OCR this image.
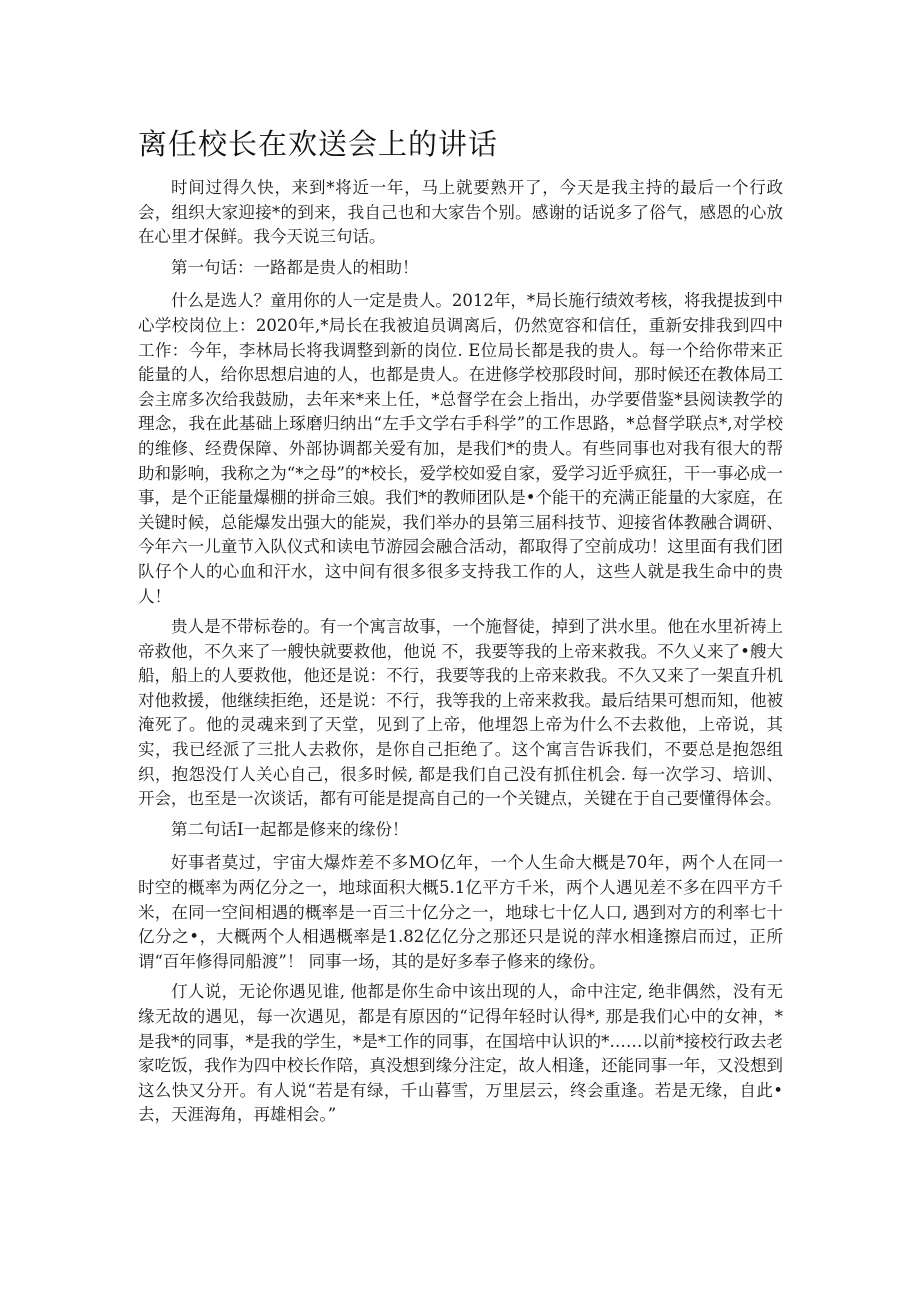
离任校长在欢送会上的讲话

时间过得久快，来到*将近一年，马上就要熟开了，今天是我主持的最后一个行政会，组织大家迎接*的到来，我自己也和大家告个别。感谢的话说多了俗气，感恩的心放在心里才保鲜。我今天说三句话。

第一句话：一路都是贵人的相助！

什么是选人？童用你的人一定是贵人。2012年，*局长施行绩效考核，将我提拔到中心学校岗位上：2020年,*局长在我被追员调离后，仍然宽容和信任，重新安排我到四中工作：今年，李林局长将我调整到新的岗位. E位局长都是我的贵人。每一个给你带来正能量的人，给你思想启迪的人，也都是贵人。在进修学校那段时间，那时候还在教体局工会主席多次给我鼓励，去年来*来上任，*总督学在会上指出，办学要借鉴*县阅读教学的理念，我在此基础上琢磨归纳出“左手文学右手科学”的工作思路，*总督学联点*,对学校的维修、经费保障、外部协调都关爱有加，是我们*的贵人。有些同事也对我有很大的帮助和影响，我称之为“*之母”的*校长，爱学校如爱自家，爱学习近乎疯狂，干一事必成一事，是个正能量爆棚的拼命三娘。我们*的教师团队是•个能干的充满正能量的大家庭，在关键时候，总能爆发出强大的能炭，我们举办的县第三届科技节、迎接省体教融合调研、今年六一儿童节入队仪式和读电节游园会融合活动，都取得了空前成功！这里面有我们团队仔个人的心血和汗水，这中间有很多很多支持我工作的人，这些人就是我生命中的贵人！

贵人是不带标卷的。有一个寓言故事，一个施督徒，掉到了洪水里。他在水里祈祷上帝救他，不久来了一艘快就要救他，他说 不，我要等我的上帝来救我。不久乂来了•艘大船，船上的人要救他，他还是说：不行，我要等我的上帝来救我。不久又来了一架直升机对他救援，他继续拒绝，还是说：不行，我等我的上帝来救我。最后结果可想而知，他被淹死了。他的灵魂来到了天堂，见到了上帝，他埋怨上帝为什么不去救他，上帝说，其实，我已经派了三批人去救你，是你自己拒绝了。这个寓言告诉我们，不要总是抱怨组织，抱怨没仃人关心自己，很多时候, 都是我们自己没有抓住机会. 每一次学习、培训、开会，也至是一次谈话，都有可能是提高自己的一个关键点，关键在于自己要懂得体会。

第二句话I一起都是修来的缘份！

好事者莫过，宇宙大爆炸差不多MO亿年，一个人生命大概是70年，两个人在同一时空的概率为两亿分之一，地球面积大概5.1亿平方千米，两个人遇见差不多在四平方千米，在同一空间相遇的概率是一百三十亿分之一，地球七十亿人口, 遇到对方的利率七十亿分之•，大概两个人相遇概率是1.82亿亿分之那还只是说的萍水相逢擦启而过，正所谓“百年修得同船渡”！ 同事一场，其的是好多奉子修来的缘份。

仃人说，无论你遇见谁, 他都是你生命中该出现的人，命中注定, 绝非偶然，没有无缘无故的遇见，每一次遇见，都是有原因的“记得年轻时认得*, 那是我们心中的女神，*是我*的同事，*是我的学生，*是*工作的同事，在国培中认识的*……以前*接校行政去老家吃饭，我作为四中校长作陪，真没想到缘分注定，故人相逢，还能同事一年，又没想到这么快又分开。有人说“若是有绿，千山暮雪，万里层云，终会重逢。若是无缘，自此•去，天涯海角，再雄相会。”
